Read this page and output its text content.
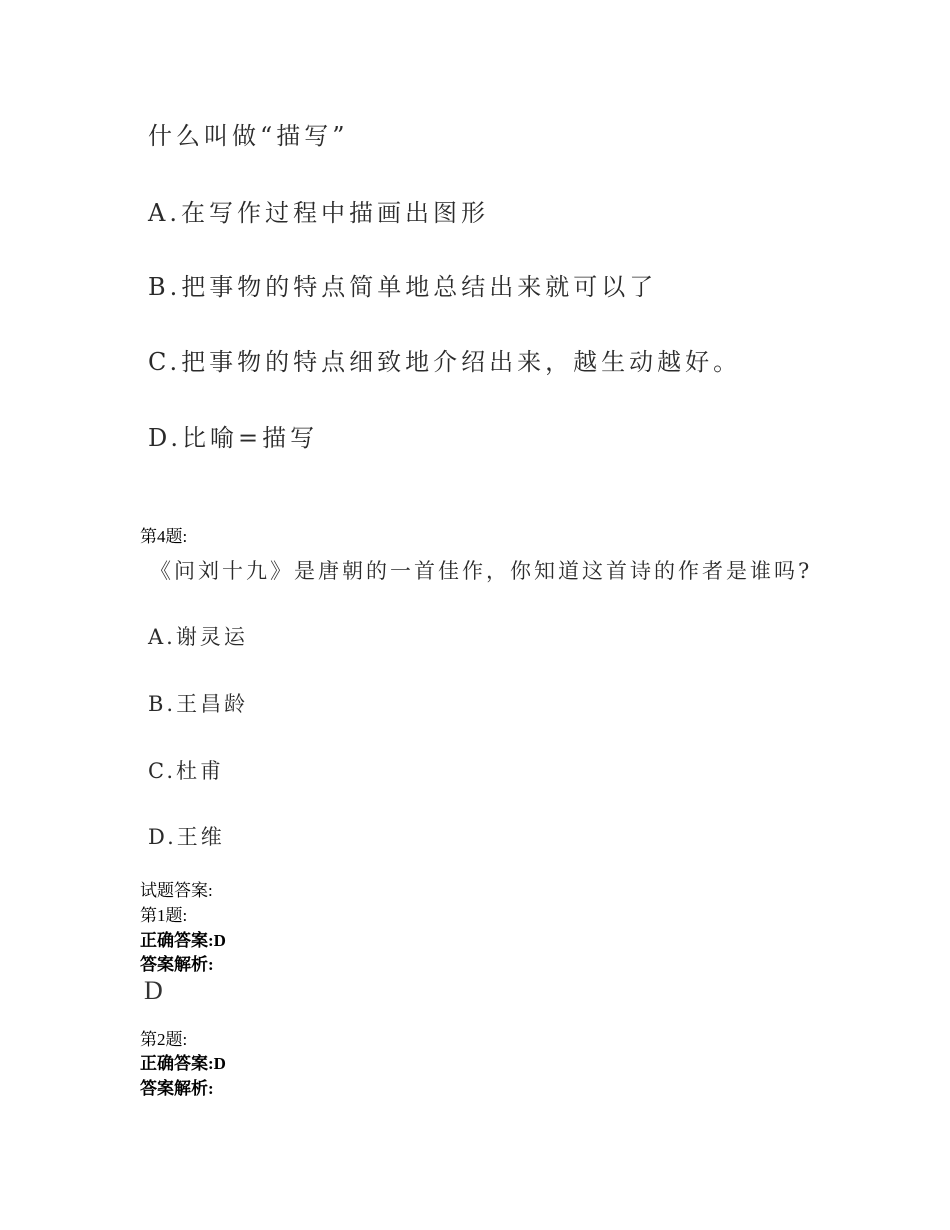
什么叫做“描写”
A.在写作过程中描画出图形
B.把事物的特点简单地总结出来就可以了
C.把事物的特点细致地介绍出来，越生动越好。
D.比喻=描写
第4题:
《问刘十九》是唐朝的一首佳作，你知道这首诗的作者是谁吗?
A.谢灵运
B.王昌龄
C.杜甫
D.王维
试题答案:
第1题:
正确答案:D
答案解析:
D
第2题:
正确答案:D
答案解析:
